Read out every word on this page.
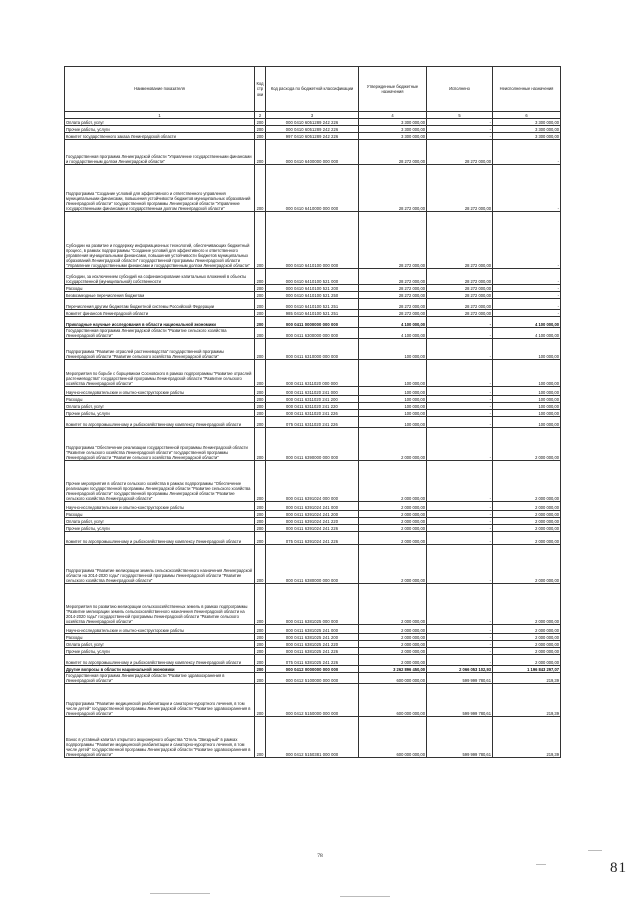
Наименование показателя	Код строки	Код расхода по бюджетной классификации	Утвержденные бюджетные назначения	Исполнено	Неисполненные назначения
1	2	3	4	5	6
Оплата работ, услуг	200	000 0410 6051289 242 226	3 300 000,00	-	3 300 000,00
Прочие работы, услуги	200	000 0410 6051289 242 226	3 300 000,00	-	3 300 000,00
Комитет государственного заказа Ленинградской области	200	997 0410 6051289 242 226	3 300 000,00	-	3 300 000,00
Государственная программа Ленинградской области "Управление государственными финансами и государственным долгом Ленинградской области"	200	000 0410 6400000 000 000	28 272 000,00	28 272 000,00	-
Подпрограмма "Создание условий для эффективного и ответственного управления муниципальными финансами, повышения устойчивости бюджетов муниципальных образований Ленинградской области" государственной программы Ленинградской области "Управление государственными финансами и государственным долгом Ленинградской области"	200	000 0410 6410000 000 000	28 272 000,00	28 272 000,00	-
Субсидии на развитие и поддержку информационных технологий, обеспечивающих бюджетный процесс, в рамках подпрограммы "Создание условий для эффективного и ответственного управления муниципальными финансами, повышения устойчивости бюджетов муниципальных образований Ленинградской области" государственной программы Ленинградской области "Управление государственными финансами и государственным долгом Ленинградской области"	200	000 0410 6410100 000 000	28 272 000,00	28 272 000,00	-
Субсидии, за исключением субсидий на софинансирование капитальных вложений в объекты государственной (муниципальной) собственности	200	000 0410 6410100 521 000	28 272 000,00	28 272 000,00	-
Расходы	200	000 0410 6410100 521 200	28 272 000,00	28 272 000,00	-
Безвозмездные перечисления бюджетам	200	000 0410 6410100 521 250	28 272 000,00	28 272 000,00	-
Перечисления другим бюджетам бюджетной системы Российской Федерации	200	000 0410 6410100 521 251	28 272 000,00	28 272 000,00	-
Комитет финансов Ленинградской области	200	985 0410 6410100 521 251	28 272 000,00	28 272 000,00	-
Прикладные научные исследования в области национальной экономики	200	000 0411 0000000 000 000	4 100 000,00	-	4 100 000,00
Государственная программа Ленинградской области "Развитие сельского хозяйства Ленинградской области"	200	000 0411 6300000 000 000	4 100 000,00	-	4 100 000,00
Подпрограмма "Развитие отраслей растениеводства" государственной программы Ленинградской области "Развитие сельского хозяйства Ленинградской области"	200	000 0411 6310000 000 000	100 000,00	-	100 000,00
Мероприятия по борьбе с борщевиком Сосновского в рамках подпрограммы "Развитие отраслей растениеводства" государственной программы Ленинградской области "Развитие сельского хозяйства Ленинградской области"	200	000 0411 6311020 000 000	100 000,00	-	100 000,00
Научно-исследовательские и опытно-конструкторские работы	200	000 0411 6311020 241 000	100 000,00	-	100 000,00
Расходы	200	000 0411 6311020 241 200	100 000,00	-	100 000,00
Оплата работ, услуг	200	000 0411 6311020 241 220	100 000,00	-	100 000,00
Прочие работы, услуги	200	000 0411 6311020 241 226	100 000,00	-	100 000,00
Комитет по агропромышленному и рыбохозяйственному комплексу Ленинградской области	200	075 0411 6311020 241 226	100 000,00	-	100 000,00
Подпрограмма "Обеспечение реализации государственной программы Ленинградской области "Развитие сельского хозяйства Ленинградской области" государственной программы Ленинградской области "Развитие сельского хозяйства Ленинградской области"	200	000 0411 6390000 000 000	2 000 000,00	-	2 000 000,00
Прочие мероприятия в области сельского хозяйства в рамках подпрограммы "Обеспечение реализации государственной программы Ленинградской области "Развитие сельского хозяйства Ленинградской области" государственной программы Ленинградской области "Развитие сельского хозяйства Ленинградской области"	200	000 0411 6391024 000 000	2 000 000,00	-	2 000 000,00
Научно-исследовательские и опытно-конструкторские работы	200	000 0411 6391024 241 000	2 000 000,00	-	2 000 000,00
Расходы	200	000 0411 6391024 241 200	2 000 000,00	-	2 000 000,00
Оплата работ, услуг	200	000 0411 6391024 241 220	2 000 000,00	-	2 000 000,00
Прочие работы, услуги	200	000 0411 6391024 241 226	2 000 000,00	-	2 000 000,00
Комитет по агропромышленному и рыбохозяйственному комплексу Ленинградской области	200	075 0411 6391024 241 226	2 000 000,00	-	2 000 000,00
Подпрограмма "Развитие мелиорации земель сельскохозяйственного назначения Ленинградской области на 2014-2020 годы" государственной программы Ленинградской области "Развитие сельского хозяйства Ленинградской области"	200	000 0411 6380000 000 000	2 000 000,00	-	2 000 000,00
Мероприятия по развитию мелиорации сельскохозяйственных земель в рамках подпрограммы "Развитие мелиорации земель сельскохозяйственного назначения Ленинградской области на 2014-2020 годы" государственной программы Ленинградской области "Развитие сельского хозяйства Ленинградской области"	200	000 0411 6381025 000 000	2 000 000,00	-	2 000 000,00
Научно-исследовательские и опытно-конструкторские работы	200	000 0411 6381025 241 000	2 000 000,00	-	2 000 000,00
Расходы	200	000 0411 6381025 241 200	2 000 000,00	-	2 000 000,00
Оплата работ, услуг	200	000 0411 6381025 241 220	2 000 000,00	-	2 000 000,00
Прочие работы, услуги	200	000 0411 6381025 241 226	2 000 000,00	-	2 000 000,00
Комитет по агропромышленному и рыбохозяйственному комплексу Ленинградской области	200	075 0411 6381025 241 226	2 000 000,00	-	2 000 000,00
Другие вопросы в области национальной экономики	200	000 0412 0000000 000 000	3 262 896 450,00	2 066 053 102,93	1 196 843 297,07
Государственная программа Ленинградской области "Развитие здравоохранения в Ленинградской области"	200	000 0412 5100000 000 000	600 000 000,00	599 999 780,61	219,39
Подпрограмма "Развитие медицинской реабилитации и санаторно-курортного лечения, в том числе детей" государственной программы Ленинградской области "Развитие здравоохранения в Ленинградской области"	200	000 0412 5150000 000 000	600 000 000,00	599 999 780,61	219,39
Взнос в уставный капитал открытого акционерного общества "Отель "Звездный" в рамках подпрограммы "Развитие медицинской реабилитации и санаторно-курортного лечения, в том числе детей" государственной программы Ленинградской области "Развитие здравоохранения в Ленинградской области"	200	000 0412 5150381 000 000	600 000 000,00	599 999 780,61	219,39
78
81
